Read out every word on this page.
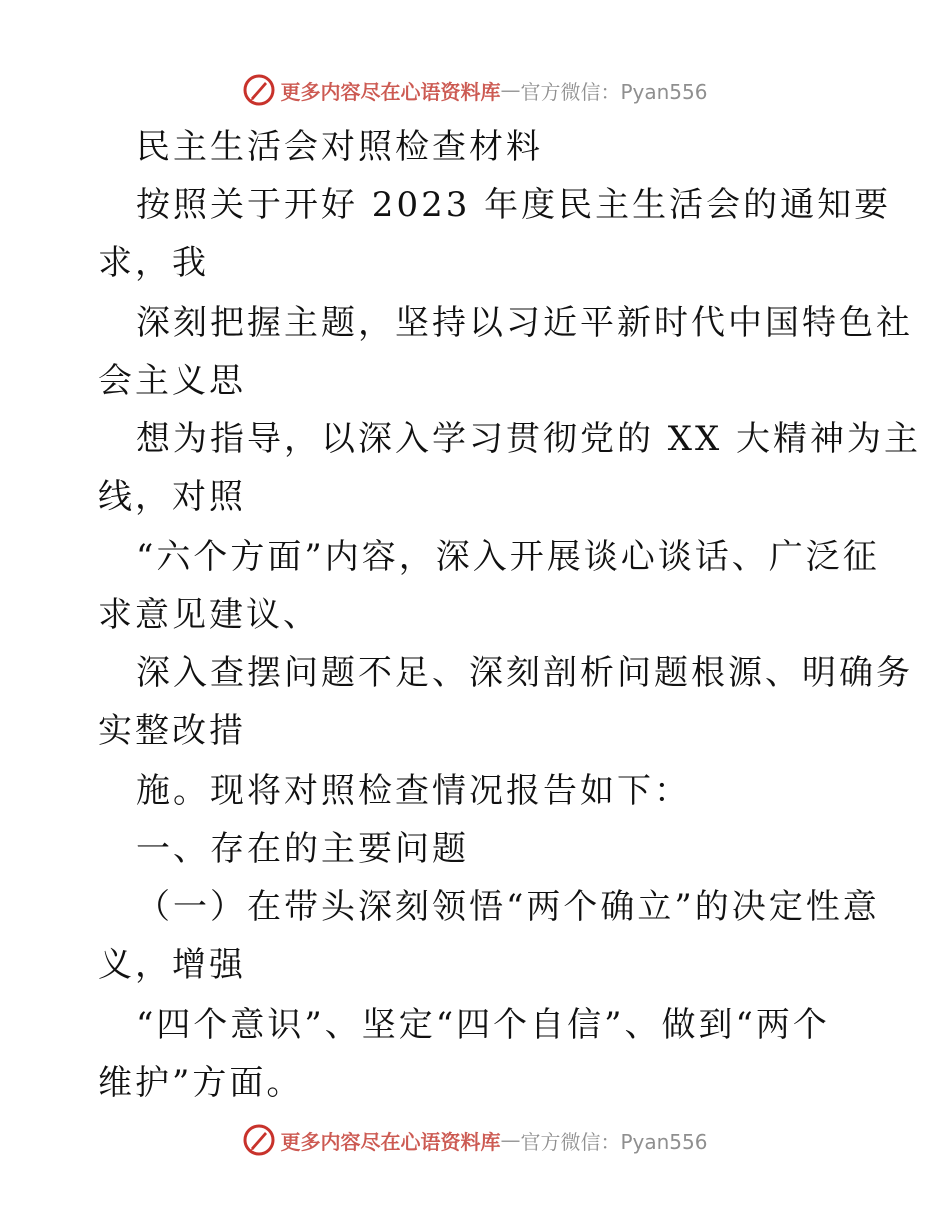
更多内容尽在心语资料库 — 官方微信：Pyan556
民主生活会对照检查材料
按照关于开好 2023 年度民主生活会的通知要
求，我
深刻把握主题，坚持以习近平新时代中国特色社
会主义思
想为指导，以深入学习贯彻党的 XX 大精神为主
线，对照
“六个方面”内容，深入开展谈心谈话、广泛征
求意见建议、
深入查摆问题不足、深刻剖析问题根源、明确务
实整改措
施。现将对照检查情况报告如下：
一、存在的主要问题
（一）在带头深刻领悟“两个确立”的决定性意
义，增强
“四个意识”、坚定“四个自信”、做到“两个
维护”方面。
更多内容尽在心语资料库 — 官方微信：Pyan556
